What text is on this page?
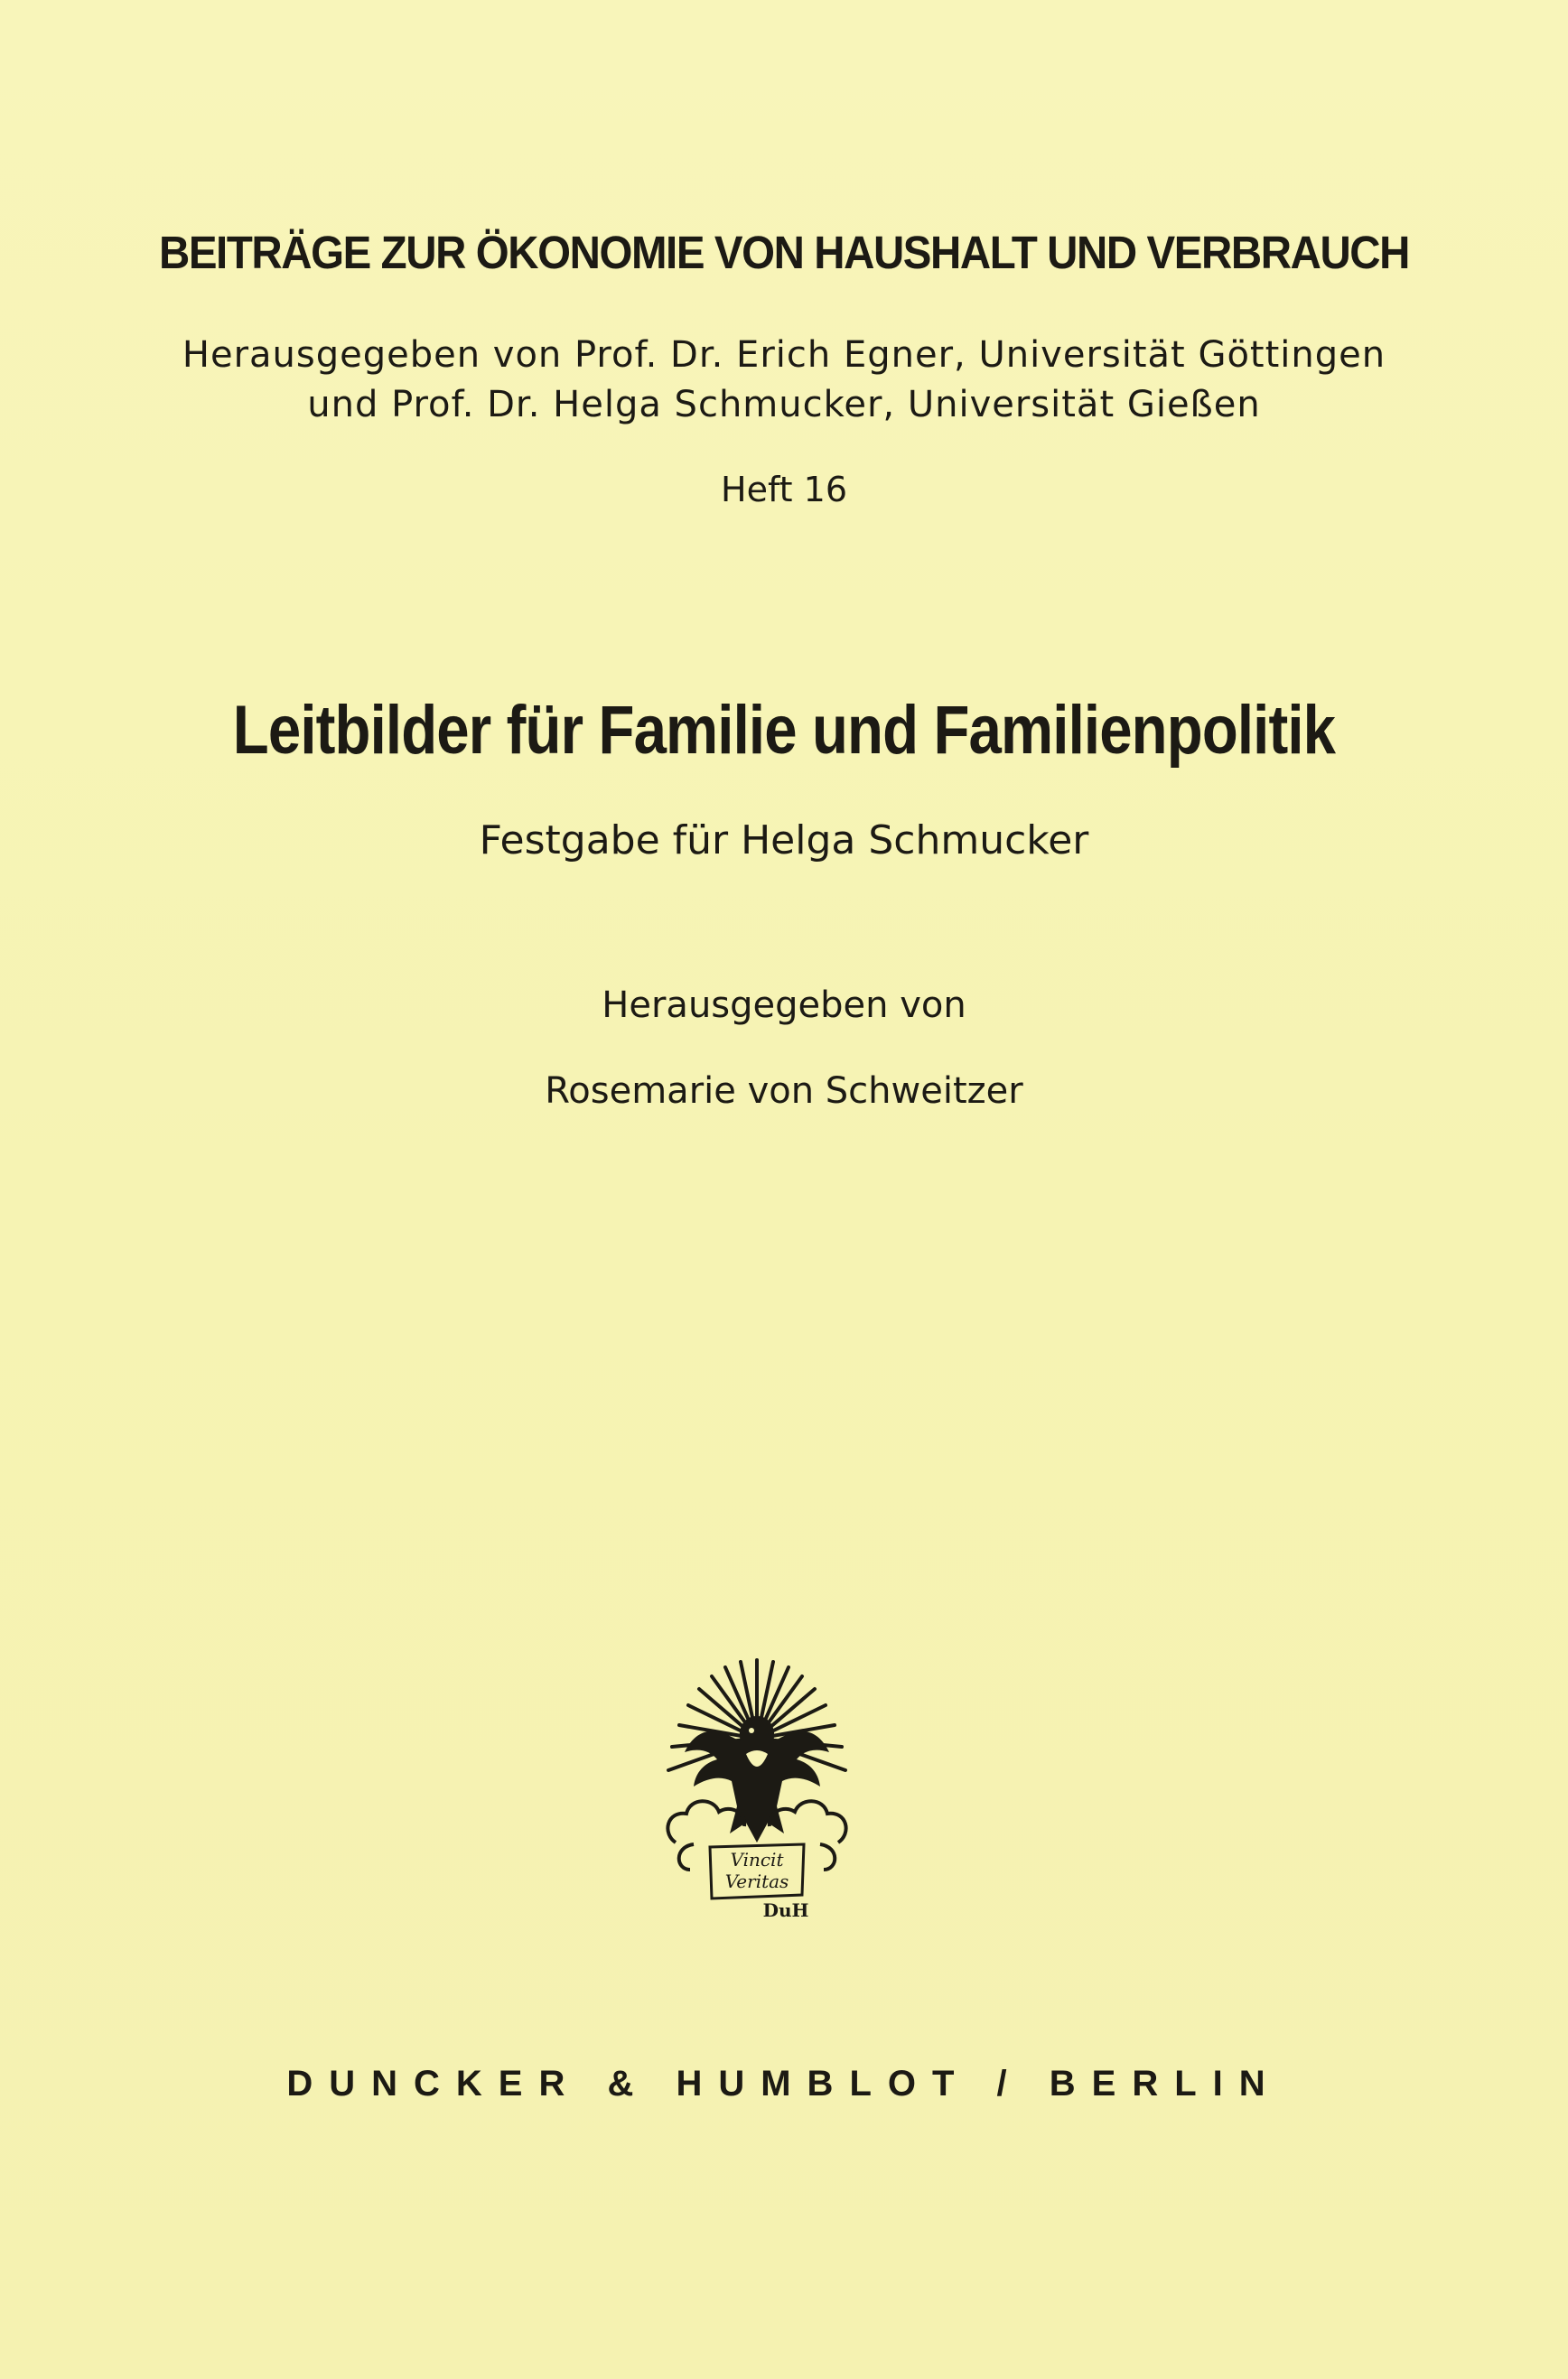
BEITRÄGE ZUR ÖKONOMIE VON HAUSHALT UND VERBRAUCH
Herausgegeben von Prof. Dr. Erich Egner, Universität Göttingen
und Prof. Dr. Helga Schmucker, Universität Gießen
Heft 16
Leitbilder für Familie und Familienpolitik
Festgabe für Helga Schmucker
Herausgegeben von
Rosemarie von Schweitzer
Vincit
Veritas
DuH
DUNCKER & HUMBLOT / BERLIN
